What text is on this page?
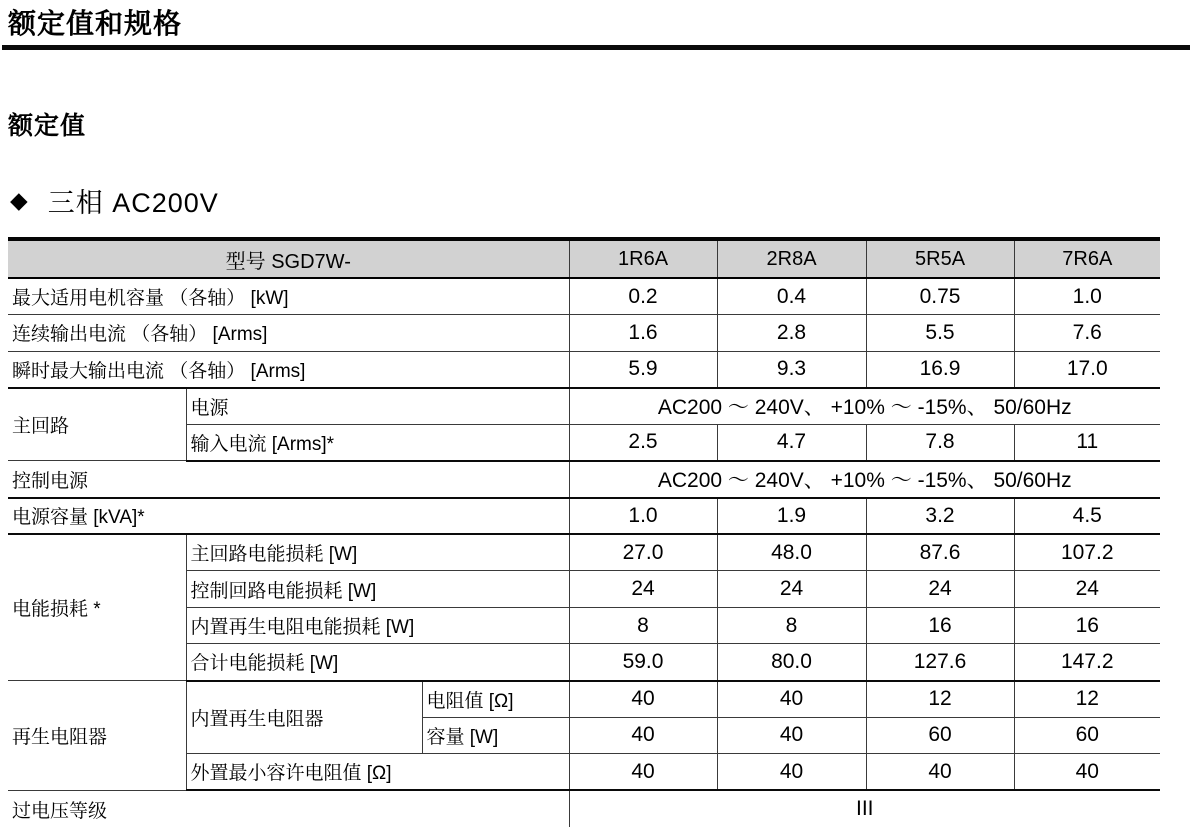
额定值和规格
额定值
◆ 三相 AC200V
型号 SGD7W-			1R6A	2R8A	5R5A	7R6A
最大适用电机容量 （各轴） [kW]			0.2	0.4	0.75	1.0
连续输出电流 （各轴） [Arms]			1.6	2.8	5.5	7.6
瞬时最大输出电流 （各轴） [Arms]			5.9	9.3	16.9	17.0
主回路	电源		AC200 ～ 240V、 +10% ～ -15%、 50/60Hz			
	输入电流 [Arms]*		2.5	4.7	7.8	11
控制电源			AC200 ～ 240V、 +10% ～ -15%、 50/60Hz			
电源容量 [kVA]*			1.0	1.9	3.2	4.5
电能损耗 *	主回路电能损耗 [W]		27.0	48.0	87.6	107.2
	控制回路电能损耗 [W]		24	24	24	24
	内置再生电阻电能损耗 [W]		8	8	16	16
	合计电能损耗 [W]		59.0	80.0	127.6	147.2
再生电阻器	内置再生电阻器	电阻值 [Ω]	40	40	12	12
		容量 [W]	40	40	60	60
	外置最小容许电阻值 [Ω]		40	40	40	40
过电压等级			III			
